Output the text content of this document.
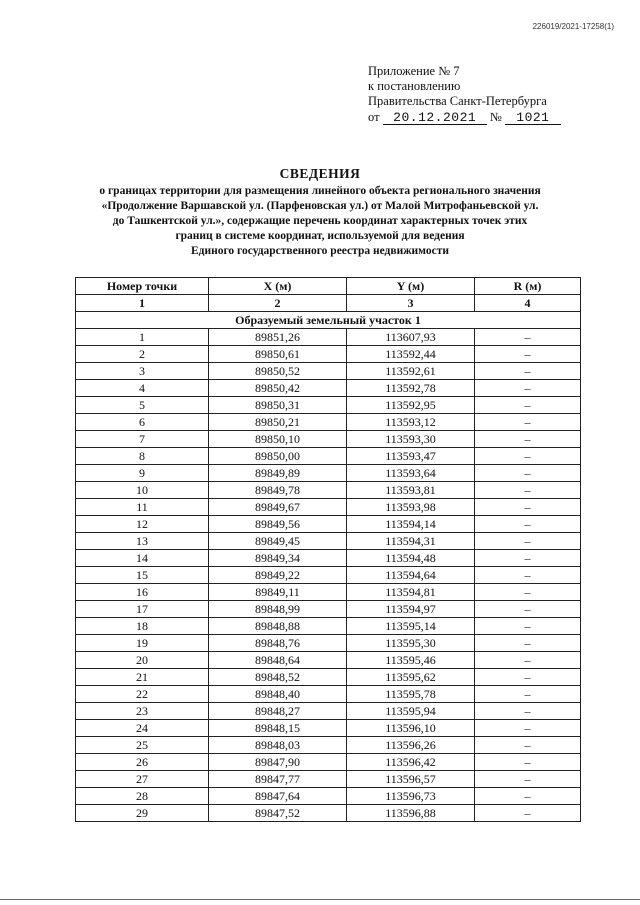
226019/2021-17258(1)
Приложение № 7
к постановлению
Правительства Санкт-Петербурга
от 20.12.2021 № 1021
СВЕДЕНИЯ
о границах территории для размещения линейного объекта регионального значения
«Продолжение Варшавской ул. (Парфеновская ул.) от Малой Митрофаньевской ул.
до Ташкентской ул.», содержащие перечень координат характерных точек этих
границ в системе координат, используемой для ведения
Единого государственного реестра недвижимости
Номер точки	X (м)	Y (м)	R (м)
1	2	3	4
Образуемый земельный участок 1			
1	89851,26	113607,93	–
2	89850,61	113592,44	–
3	89850,52	113592,61	–
4	89850,42	113592,78	–
5	89850,31	113592,95	–
6	89850,21	113593,12	–
7	89850,10	113593,30	–
8	89850,00	113593,47	–
9	89849,89	113593,64	–
10	89849,78	113593,81	–
11	89849,67	113593,98	–
12	89849,56	113594,14	–
13	89849,45	113594,31	–
14	89849,34	113594,48	–
15	89849,22	113594,64	–
16	89849,11	113594,81	–
17	89848,99	113594,97	–
18	89848,88	113595,14	–
19	89848,76	113595,30	–
20	89848,64	113595,46	–
21	89848,52	113595,62	–
22	89848,40	113595,78	–
23	89848,27	113595,94	–
24	89848,15	113596,10	–
25	89848,03	113596,26	–
26	89847,90	113596,42	–
27	89847,77	113596,57	–
28	89847,64	113596,73	–
29	89847,52	113596,88	–
